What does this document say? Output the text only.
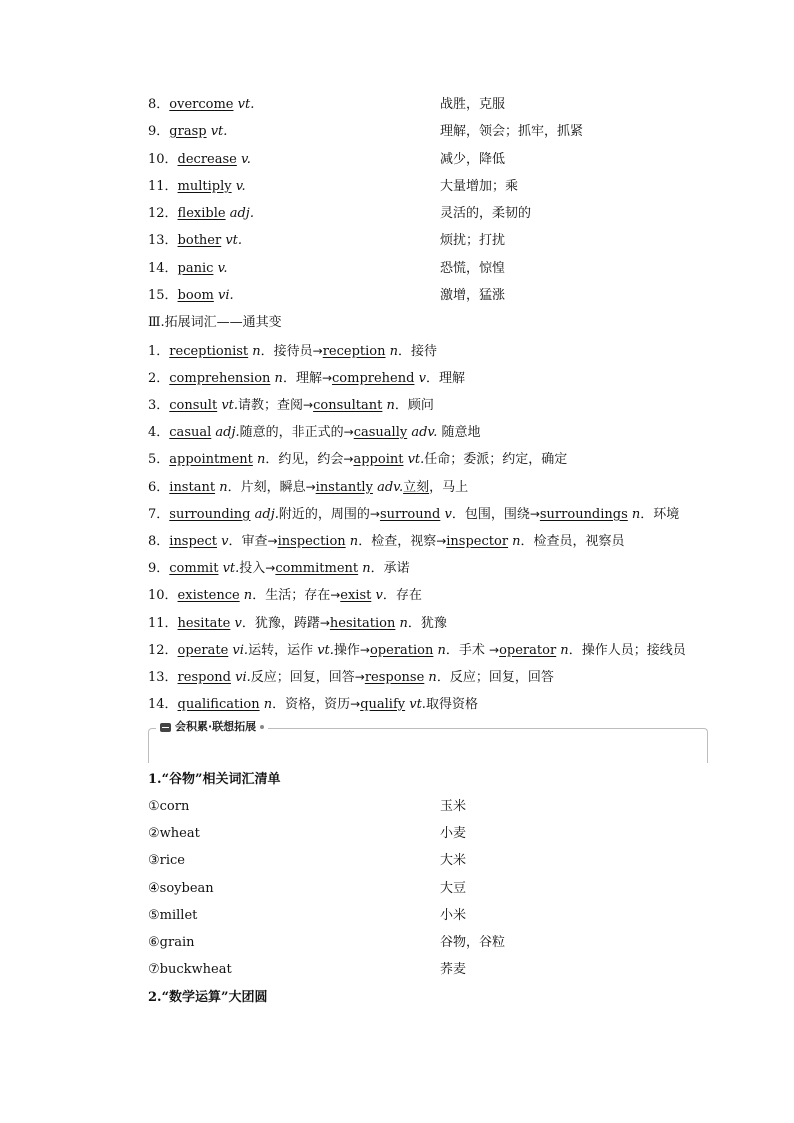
8．overcome vt.	战胜，克服
9．grasp vt.	理解，领会；抓牢，抓紧
10．decrease v.	减少，降低
11．multiply v.	大量增加；乘
12．flexible adj.	灵活的，柔韧的
13．bother vt.	烦扰；打扰
14．panic v.	恐慌，惊惶
15．boom vi.	激增，猛涨
Ⅲ.拓展词汇——通其变
1．receptionist n．接待员→reception n．接待
2．comprehension n．理解→comprehend v．理解
3．consult vt.请教；查阅→consultant n．顾问
4．casual adj.随意的，非正式的→casually adv. 随意地
5．appointment n．约见，约会→appoint vt.任命；委派；约定，确定
6．instant n．片刻，瞬息→instantly adv.立刻，马上
7．surrounding adj.附近的，周围的→surround v．包围，围绕→surroundings n．环境
8．inspect v．审查→inspection n．检查，视察→inspector n．检查员，视察员
9．commit vt.投入→commitment n．承诺
10．existence n．生活；存在→exist v．存在
11．hesitate v．犹豫，踌躇→hesitation n．犹豫
12．operate vi.运转，运作 vt.操作→operation n．手术 →operator n．操作人员；接线员
13．respond vi.反应；回复，回答→response n．反应；回复，回答
14．qualification n．资格，资历→qualify vt.取得资格
会积累·联想拓展
1.“谷物”相关词汇清单
①corn	玉米
②wheat	小麦
③rice	大米
④soybean	大豆
⑤millet	小米
⑥grain	谷物，谷粒
⑦buckwheat	荞麦
2.“数学运算”大团圆
